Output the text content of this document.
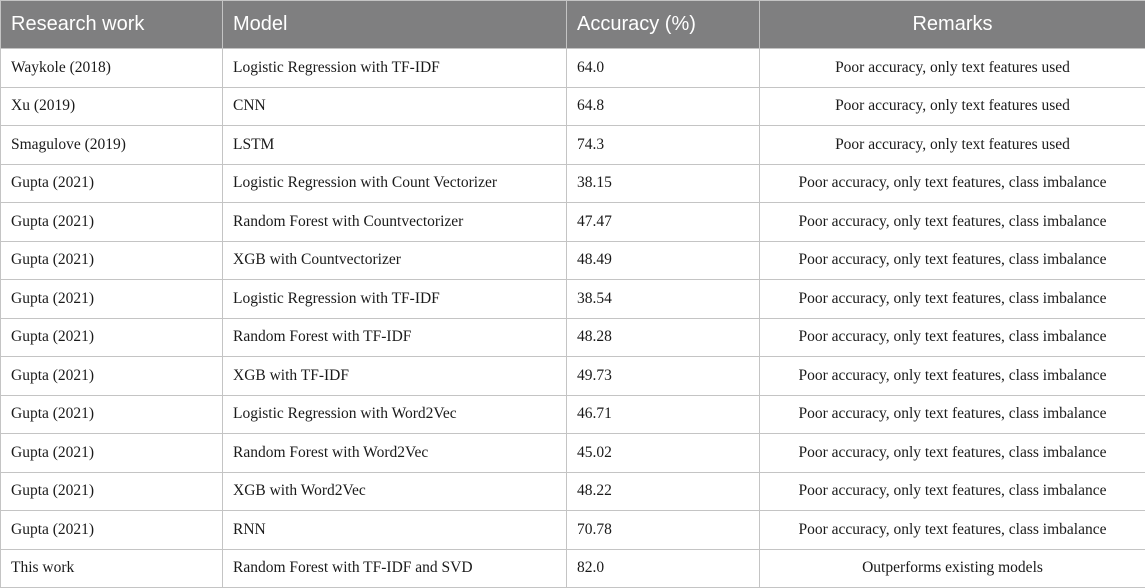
Research work	Model	Accuracy (%)	Remarks
Waykole (2018)	Logistic Regression with TF-IDF	64.0	Poor accuracy, only text features used
Xu (2019)	CNN	64.8	Poor accuracy, only text features used
Smagulove (2019)	LSTM	74.3	Poor accuracy, only text features used
Gupta (2021)	Logistic Regression with Count Vectorizer	38.15	Poor accuracy, only text features, class imbalance
Gupta (2021)	Random Forest with Countvectorizer	47.47	Poor accuracy, only text features, class imbalance
Gupta (2021)	XGB with Countvectorizer	48.49	Poor accuracy, only text features, class imbalance
Gupta (2021)	Logistic Regression with TF-IDF	38.54	Poor accuracy, only text features, class imbalance
Gupta (2021)	Random Forest with TF-IDF	48.28	Poor accuracy, only text features, class imbalance
Gupta (2021)	XGB with TF-IDF	49.73	Poor accuracy, only text features, class imbalance
Gupta (2021)	Logistic Regression with Word2Vec	46.71	Poor accuracy, only text features, class imbalance
Gupta (2021)	Random Forest with Word2Vec	45.02	Poor accuracy, only text features, class imbalance
Gupta (2021)	XGB with Word2Vec	48.22	Poor accuracy, only text features, class imbalance
Gupta (2021)	RNN	70.78	Poor accuracy, only text features, class imbalance
This work	Random Forest with TF-IDF and SVD	82.0	Outperforms existing models
